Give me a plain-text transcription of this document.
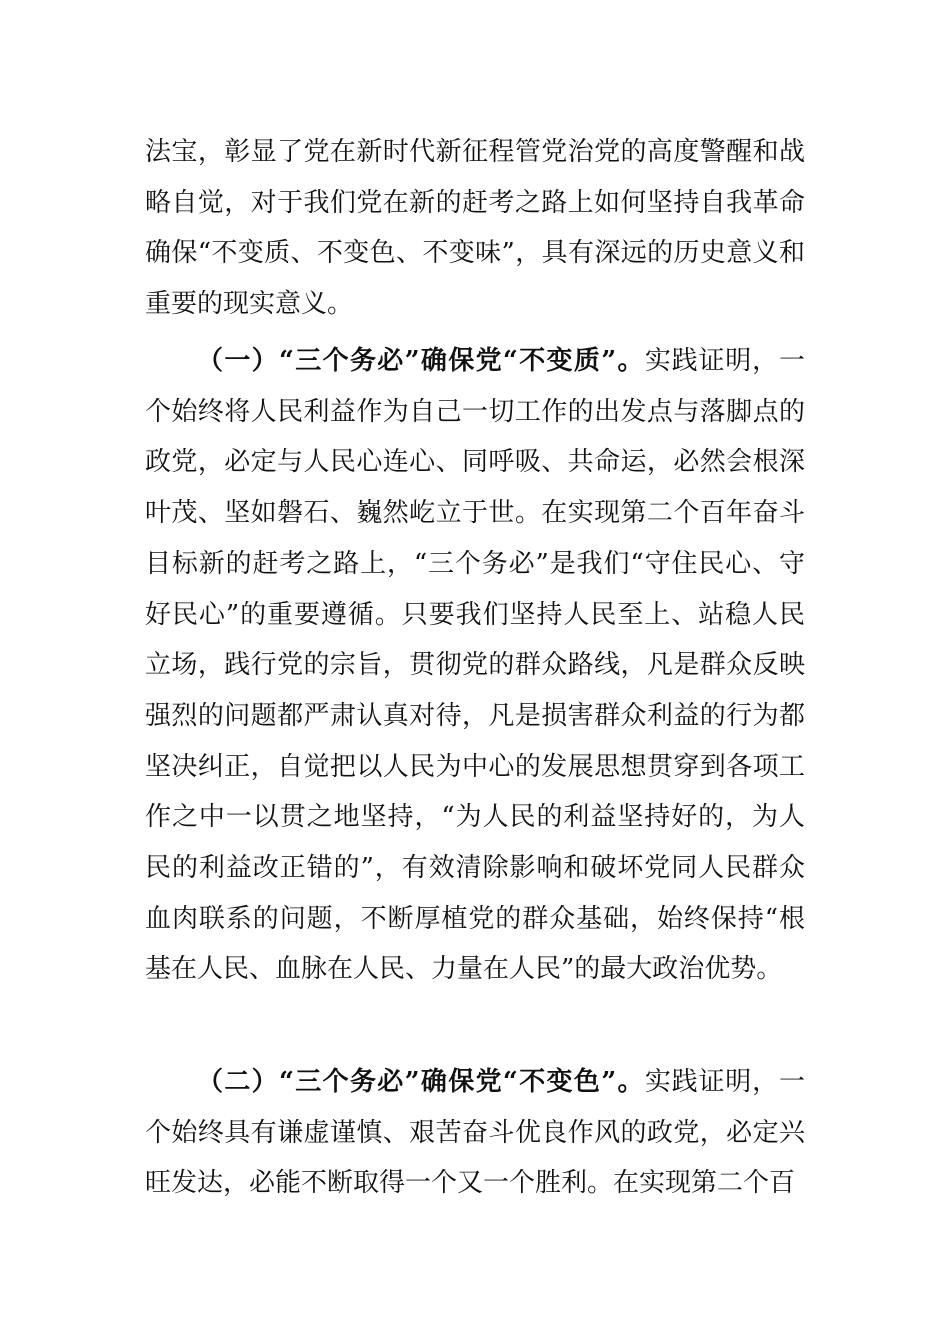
法宝，彰显了党在新时代新征程管党治党的高度警醒和战略自觉，对于我们党在新的赶考之路上如何坚持自我革命确保“不变质、不变色、不变味”，具有深远的历史意义和重要的现实意义。

（一）“三个务必”确保党“不变质”。实践证明，一个始终将人民利益作为自己一切工作的出发点与落脚点的政党，必定与人民心连心、同呼吸、共命运，必然会根深叶茂、坚如磐石、巍然屹立于世。在实现第二个百年奋斗目标新的赶考之路上，“三个务必”是我们“守住民心、守好民心”的重要遵循。只要我们坚持人民至上、站稳人民立场，践行党的宗旨，贯彻党的群众路线，凡是群众反映强烈的问题都严肃认真对待，凡是损害群众利益的行为都坚决纠正，自觉把以人民为中心的发展思想贯穿到各项工作之中一以贯之地坚持，“为人民的利益坚持好的，为人民的利益改正错的”，有效清除影响和破坏党同人民群众血肉联系的问题，不断厚植党的群众基础，始终保持“根基在人民、血脉在人民、力量在人民”的最大政治优势。

（二）“三个务必”确保党“不变色”。实践证明，一个始终具有谦虚谨慎、艰苦奋斗优良作风的政党，必定兴旺发达，必能不断取得一个又一个胜利。在实现第二个百
